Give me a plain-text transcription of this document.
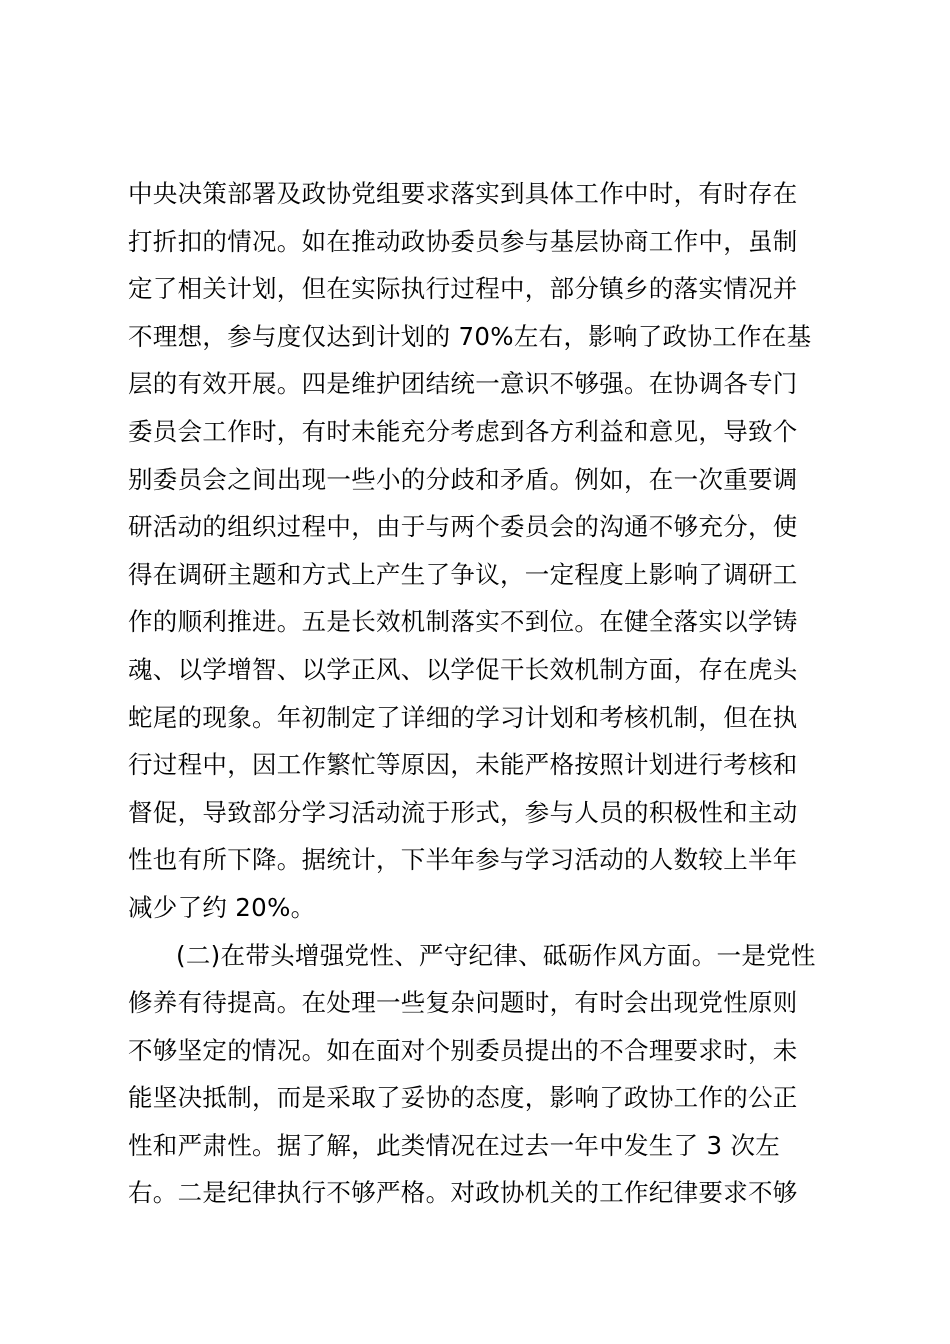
中央决策部署及政协党组要求落实到具体工作中时，有时存在
打折扣的情况。如在推动政协委员参与基层协商工作中，虽制
定了相关计划，但在实际执行过程中，部分镇乡的落实情况并
不理想，参与度仅达到计划的 70%左右，影响了政协工作在基
层的有效开展。四是维护团结统一意识不够强。在协调各专门
委员会工作时，有时未能充分考虑到各方利益和意见，导致个
别委员会之间出现一些小的分歧和矛盾。例如，在一次重要调
研活动的组织过程中，由于与两个委员会的沟通不够充分，使
得在调研主题和方式上产生了争议，一定程度上影响了调研工
作的顺利推进。五是长效机制落实不到位。在健全落实以学铸
魂、以学增智、以学正风、以学促干长效机制方面，存在虎头
蛇尾的现象。年初制定了详细的学习计划和考核机制，但在执
行过程中，因工作繁忙等原因，未能严格按照计划进行考核和
督促，导致部分学习活动流于形式，参与人员的积极性和主动
性也有所下降。据统计，下半年参与学习活动的人数较上半年
减少了约 20%。
(二)在带头增强党性、严守纪律、砥砺作风方面。一是党性
修养有待提高。在处理一些复杂问题时，有时会出现党性原则
不够坚定的情况。如在面对个别委员提出的不合理要求时，未
能坚决抵制，而是采取了妥协的态度，影响了政协工作的公正
性和严肃性。据了解，此类情况在过去一年中发生了 3 次左
右。二是纪律执行不够严格。对政协机关的工作纪律要求不够
